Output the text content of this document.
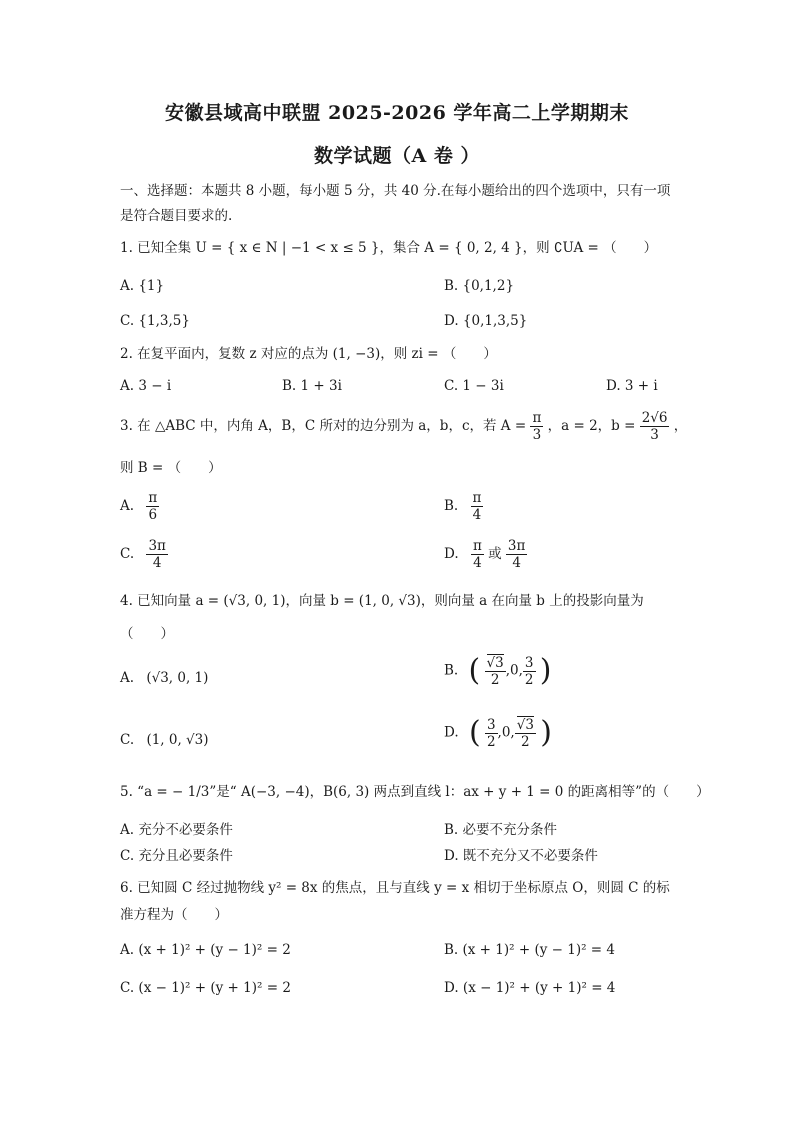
安徽县域高中联盟 2025-2026 学年高二上学期期末
数学试题（A 卷 ）
一、选择题：本题共 8 小题，每小题 5 分，共 40 分.在每小题给出的四个选项中，只有一项
是符合题目要求的.
1. 已知全集 U = { x ∈ N | −1 < x ≤ 5 }，集合 A = { 0, 2, 4 }，则 ∁UA = （　　）
A. {1}	B. {0,1,2}
C. {1,3,5}	D. {0,1,3,5}
2. 在复平面内，复数 z 对应的点为 (1, −3)，则 zi = （　　）
A. 3 − i	B. 1 + 3i	C. 1 − 3i	D. 3 + i
3. 在 △ABC 中，内角 A，B，C 所对的边分别为 a，b，c，若 $A = \frac{\pi}{3}$ ，a = 2，$b = \frac{2√6}{3}$ ，
则 B = （　　）
A. $\frac{\pi}{6}$	B. $\frac{\pi}{4}$
C. $\frac{3\pi}{4}$	D. $\frac{\pi}{4}$ 或 $\frac{3\pi}{4}$
4. 已知向量 a = (√3, 0, 1)，向量 b = (1, 0, √3)，则向量 a 在向量 b 上的投影向量为
（　　）
A. (√3, 0, 1)	B. ( $\frac{√3}{2} ,0$, $\frac{3}{2}$ )
C. (1, 0, √3)	D. ( $\frac{3}{2} ,0$, $\frac{√3}{2}$ )
5. “a = − 1/3”是“ A(−3, −4)，B(6, 3) 两点到直线 l：ax + y + 1 = 0 的距离相等”的（　　）
A. 充分不必要条件	B. 必要不充分条件
C. 充分且必要条件	D. 既不充分又不必要条件
6. 已知圆 C 经过抛物线 y² = 8x 的焦点，且与直线 y = x 相切于坐标原点 O，则圆 C 的标
准方程为（　　）
A. (x + 1)² + (y − 1)² = 2	B. (x + 1)² + (y − 1)² = 4
C. (x − 1)² + (y + 1)² = 2	D. (x − 1)² + (y + 1)² = 4
